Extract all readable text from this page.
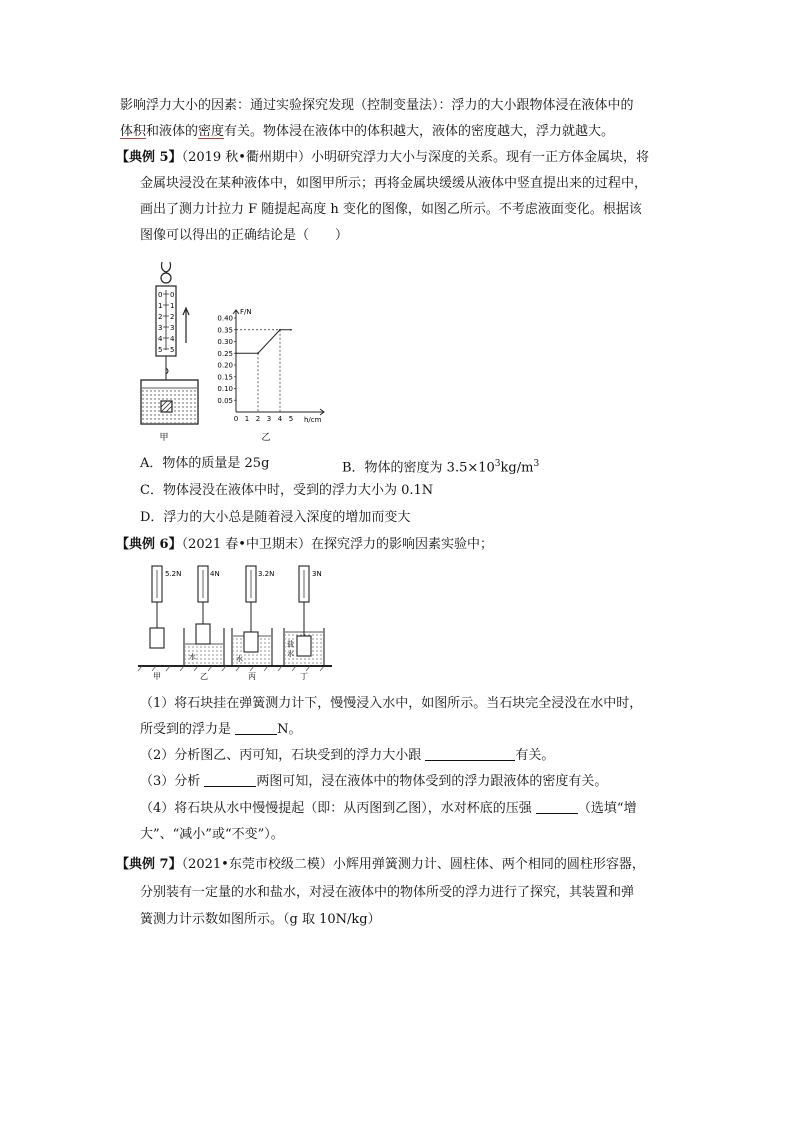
影响浮力大小的因素：通过实验探究发现（控制变量法）：浮力的大小跟物体浸在液体中的
体积和液体的密度有关。物体浸在液体中的体积越大，液体的密度越大，浮力就越大。
【典例 5】（2019 秋•衢州期中）小明研究浮力大小与深度的关系。现有一正方体金属块，将
金属块浸没在某种液体中，如图甲所示；再将金属块缓缓从液体中竖直提出来的过程中，
画出了测力计拉力 F 随提起高度 h 变化的图像，如图乙所示。不考虑液面变化。根据该
图像可以得出的正确结论是（　　）
0 0
1 1
2 2
3 3
4 4
5 5
甲
F/N
h/cm
0 1 2 3 4 5
0.05
0.10
0.15
0.20
0.25
0.30
0.35
0.40
乙
A．物体的质量是 25g	B．物体的密度为 $3.5\times 10^3kg/m^3$
C．物体浸没在液体中时，受到的浮力大小为 0.1N
D．浮力的大小总是随着浸入深度的增加而变大
【典例 6】（2021 春•中卫期末）在探究浮力的影响因素实验中；
5.2N
甲
4N
水
乙
3.2N
水
丙
3N
盐
水
丁
（1）将石块挂在弹簧测力计下，慢慢浸入水中，如图所示。当石块完全浸没在水中时，
所受到的浮力是	N。
（2）分析图乙、丙可知，石块受到的浮力大小跟	有关。
（3）分析	两图可知，浸在液体中的物体受到的浮力跟液体的密度有关。
（4）将石块从水中慢慢提起（即：从丙图到乙图），水对杯底的压强	（选填“增
大”、“减小”或“不变”）。
【典例 7】（2021•东莞市校级二模）小辉用弹簧测力计、圆柱体、两个相同的圆柱形容器，
分别装有一定量的水和盐水，对浸在液体中的物体所受的浮力进行了探究，其装置和弹
簧测力计示数如图所示。（g 取 10N/kg）
